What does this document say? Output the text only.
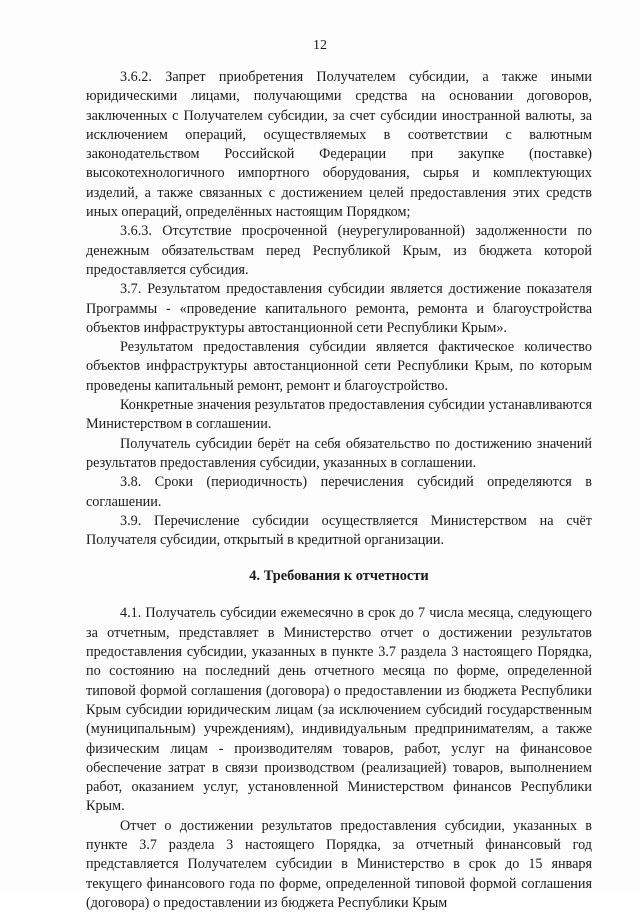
12

3.6.2. Запрет приобретения Получателем субсидии, а также иными юридическими лицами, получающими средства на основании договоров, заключенных с Получателем субсидии, за счет субсидии иностранной валюты, за исключением операций, осуществляемых в соответствии с валютным законодательством Российской Федерации при закупке (поставке) высокотехнологичного импортного оборудования, сырья и комплектующих изделий, а также связанных с достижением целей предоставления этих средств иных операций, определённых настоящим Порядком;

3.6.3. Отсутствие просроченной (неурегулированной) задолженности по денежным обязательствам перед Республикой Крым, из бюджета которой предоставляется субсидия.

3.7. Результатом предоставления субсидии является достижение показателя Программы - «проведение капитального ремонта, ремонта и благоустройства объектов инфраструктуры автостанционной сети Республики Крым».

Результатом предоставления субсидии является фактическое количество объектов инфраструктуры автостанционной сети Республики Крым, по которым проведены капитальный ремонт, ремонт и благоустройство.

Конкретные значения результатов предоставления субсидии устанавливаются Министерством в соглашении.

Получатель субсидии берёт на себя обязательство по достижению значений результатов предоставления субсидии, указанных в соглашении.

3.8. Сроки (периодичность) перечисления субсидий определяются в соглашении.

3.9. Перечисление субсидии осуществляется Министерством на счёт Получателя субсидии, открытый в кредитной организации.

4. Требования к отчетности

4.1. Получатель субсидии ежемесячно в срок до 7 числа месяца, следующего за отчетным, представляет в Министерство отчет о достижении результатов предоставления субсидии, указанных в пункте 3.7 раздела 3 настоящего Порядка, по состоянию на последний день отчетного месяца по форме, определенной типовой формой соглашения (договора) о предоставлении из бюджета Республики Крым субсидии юридическим лицам (за исключением субсидий государственным (муниципальным) учреждениям), индивидуальным предпринимателям, а также физическим лицам - производителям товаров, работ, услуг на финансовое обеспечение затрат в связи производством (реализацией) товаров, выполнением работ, оказанием услуг, установленной Министерством финансов Республики Крым.

Отчет о достижении результатов предоставления субсидии, указанных в пункте 3.7 раздела 3 настоящего Порядка, за отчетный финансовый год представляется Получателем субсидии в Министерство в срок до 15 января текущего финансового года по форме, определенной типовой формой соглашения (договора) о предоставлении из бюджета Республики Крым
